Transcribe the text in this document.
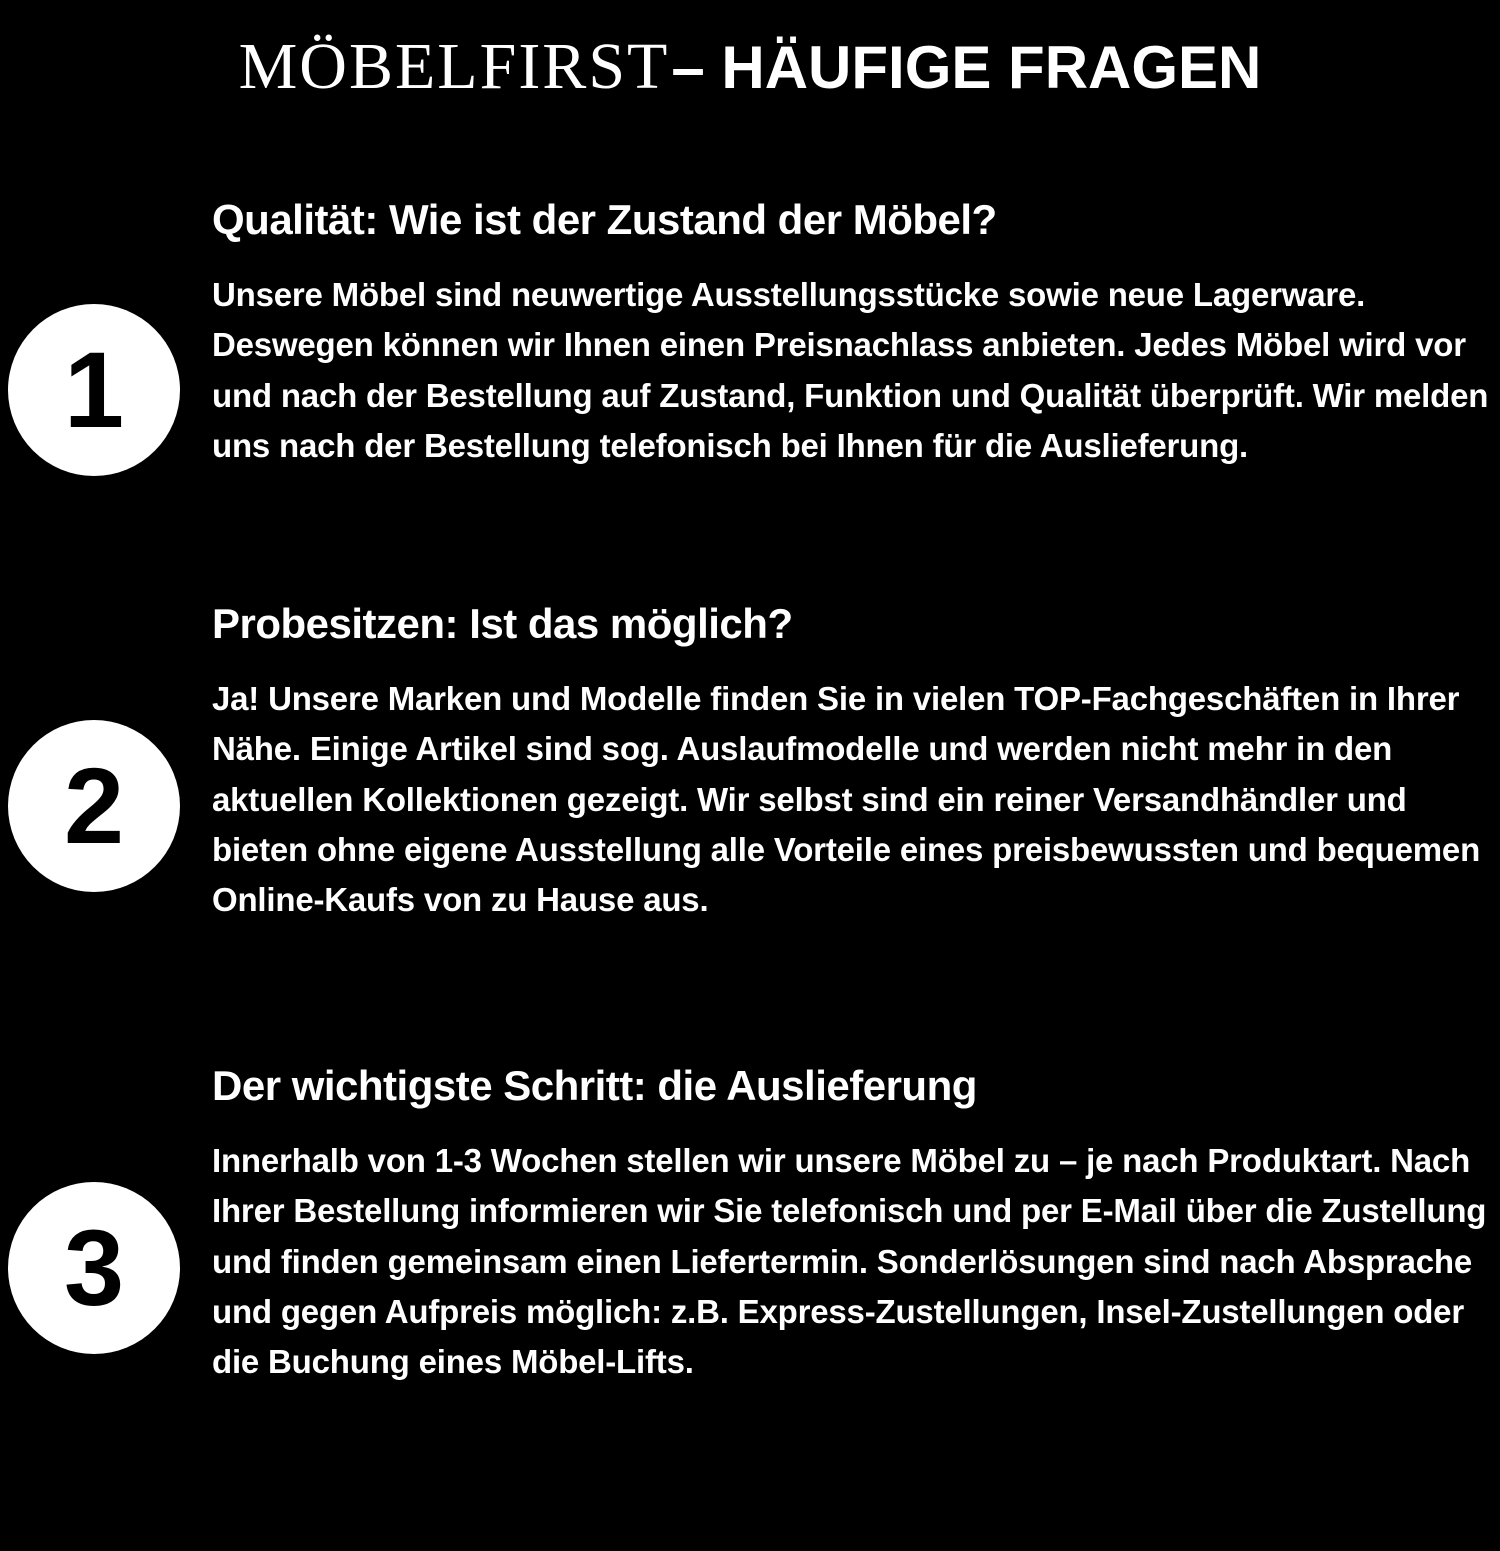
MÖBELFIRST– HÄUFIGE FRAGEN
1
Qualität: Wie ist der Zustand der Möbel?

Unsere Möbel sind neuwertige Ausstellungsstücke sowie neue Lagerware. Deswegen können wir Ihnen einen Preisnachlass anbieten. Jedes Möbel wird vor und nach der Bestellung auf Zustand, Funktion und Qualität überprüft. Wir melden uns nach der Bestellung telefonisch bei Ihnen für die Auslieferung.

2
Probesitzen: Ist das möglich?

Ja! Unsere Marken und Modelle finden Sie in vielen TOP-Fachgeschäften in Ihrer Nähe. Einige Artikel sind sog. Auslaufmodelle und werden nicht mehr in den aktuellen Kollektionen gezeigt. Wir selbst sind ein reiner Versandhändler und bieten ohne eigene Ausstellung alle Vorteile eines preisbewussten und bequemen Online-Kaufs von zu Hause aus.

3
Der wichtigste Schritt: die Auslieferung

Innerhalb von 1-3 Wochen stellen wir unsere Möbel zu – je nach Produktart. Nach Ihrer Bestellung informieren wir Sie telefonisch und per E-Mail über die Zustellung und finden gemeinsam einen Liefertermin. Sonderlösungen sind nach Absprache und gegen Aufpreis möglich: z.B. Express-Zustellungen, Insel-Zustellungen oder die Buchung eines Möbel-Lifts.
